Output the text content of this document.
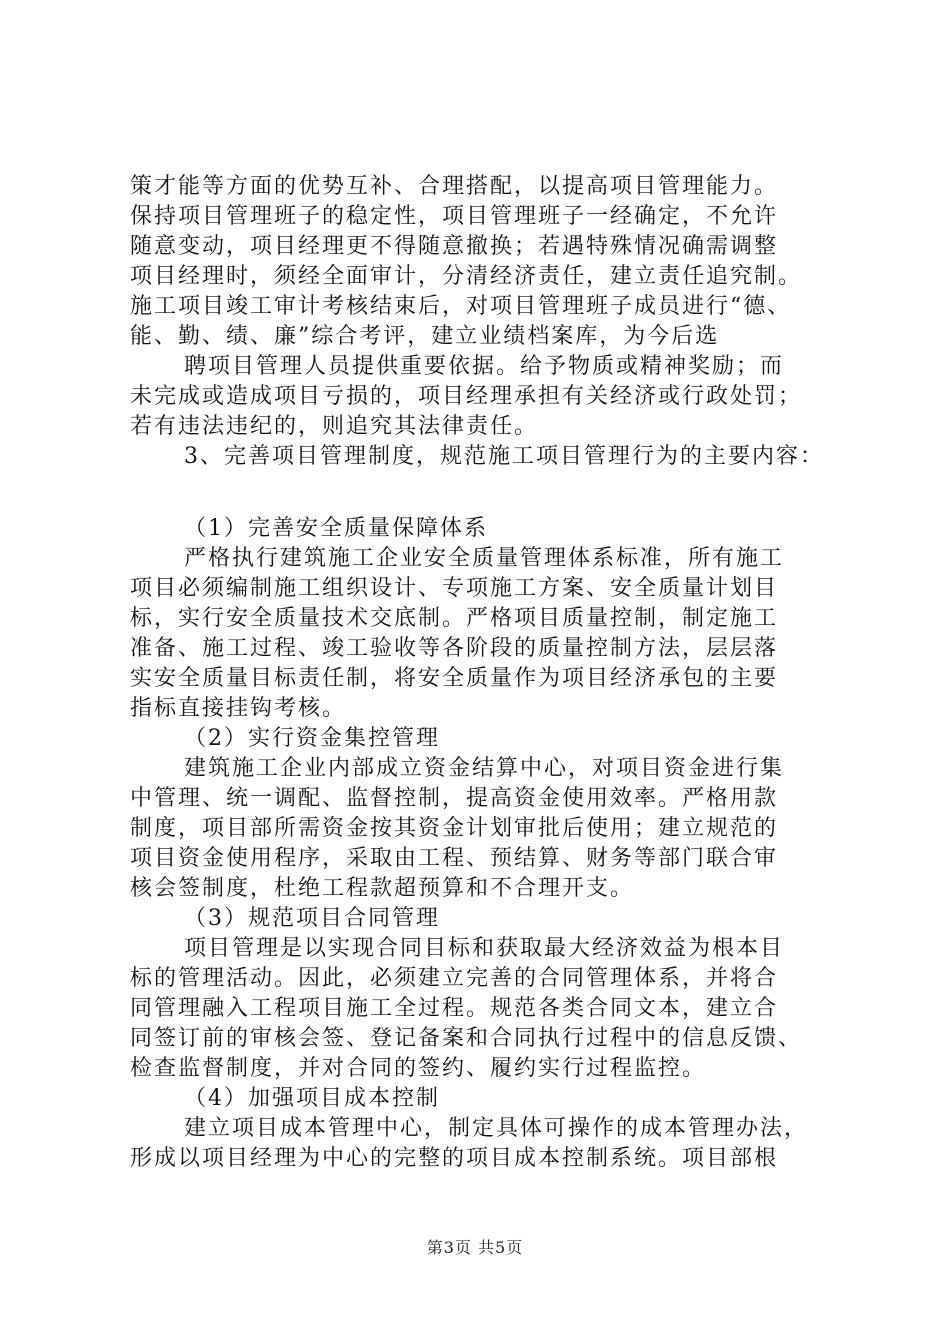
策才能等方面的优势互补、合理搭配，以提高项目管理能力。
保持项目管理班子的稳定性，项目管理班子一经确定，不允许
随意变动，项目经理更不得随意撤换；若遇特殊情况确需调整
项目经理时，须经全面审计，分清经济责任，建立责任追究制。
施工项目竣工审计考核结束后，对项目管理班子成员进行“德、
能、勤、绩、廉”综合考评，建立业绩档案库，为今后选
聘项目管理人员提供重要依据。给予物质或精神奖励；而
未完成或造成项目亏损的，项目经理承担有关经济或行政处罚；
若有违法违纪的，则追究其法律责任。
3、完善项目管理制度，规范施工项目管理行为的主要内容：
（1）完善安全质量保障体系
严格执行建筑施工企业安全质量管理体系标准，所有施工
项目必须编制施工组织设计、专项施工方案、安全质量计划目
标，实行安全质量技术交底制。严格项目质量控制，制定施工
准备、施工过程、竣工验收等各阶段的质量控制方法，层层落
实安全质量目标责任制，将安全质量作为项目经济承包的主要
指标直接挂钩考核。
（2）实行资金集控管理
建筑施工企业内部成立资金结算中心，对项目资金进行集
中管理、统一调配、监督控制，提高资金使用效率。严格用款
制度，项目部所需资金按其资金计划审批后使用；建立规范的
项目资金使用程序，采取由工程、预结算、财务等部门联合审
核会签制度，杜绝工程款超预算和不合理开支。
（3）规范项目合同管理
项目管理是以实现合同目标和获取最大经济效益为根本目
标的管理活动。因此，必须建立完善的合同管理体系，并将合
同管理融入工程项目施工全过程。规范各类合同文本，建立合
同签订前的审核会签、登记备案和合同执行过程中的信息反馈、
检查监督制度，并对合同的签约、履约实行过程监控。
（4）加强项目成本控制
建立项目成本管理中心，制定具体可操作的成本管理办法，
形成以项目经理为中心的完整的项目成本控制系统。项目部根
第3页 共5页
